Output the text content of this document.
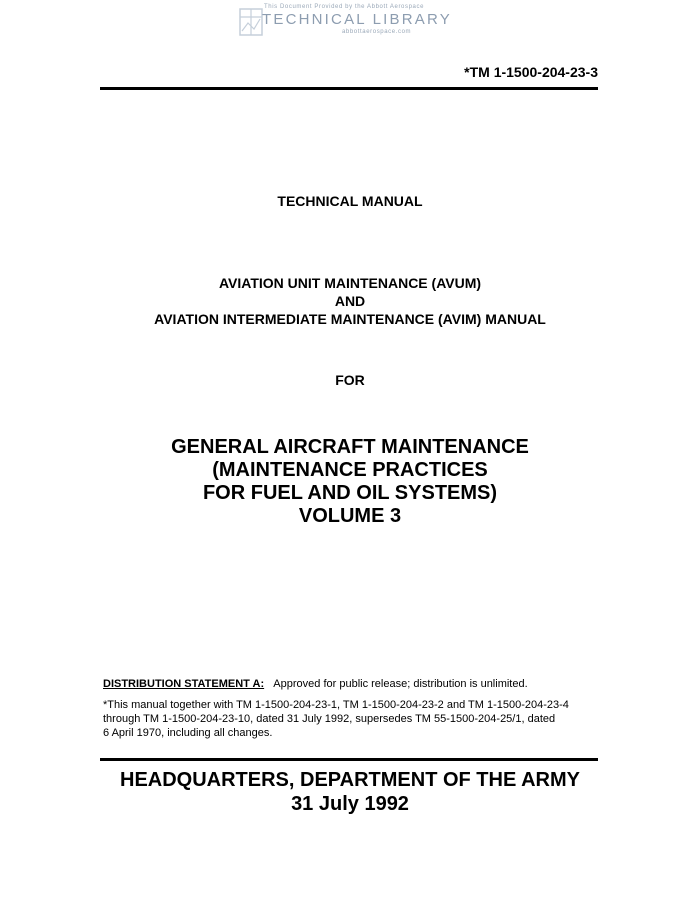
This Document Provided by the Abbott Aerospace
TECHNICAL LIBRARY
abbottaerospace.com
*TM 1-1500-204-23-3
TECHNICAL MANUAL
AVIATION UNIT MAINTENANCE (AVUM)
AND
AVIATION INTERMEDIATE MAINTENANCE (AVIM) MANUAL
FOR
GENERAL AIRCRAFT MAINTENANCE
(MAINTENANCE PRACTICES
FOR FUEL AND OIL SYSTEMS)
VOLUME 3
DISTRIBUTION STATEMENT A: Approved for public release; distribution is unlimited.
*This manual together with TM 1-1500-204-23-1, TM 1-1500-204-23-2 and TM 1-1500-204-23-4
through TM 1-1500-204-23-10, dated 31 July 1992, supersedes TM 55-1500-204-25/1, dated
6 April 1970, including all changes.
HEADQUARTERS, DEPARTMENT OF THE ARMY
31 July 1992
